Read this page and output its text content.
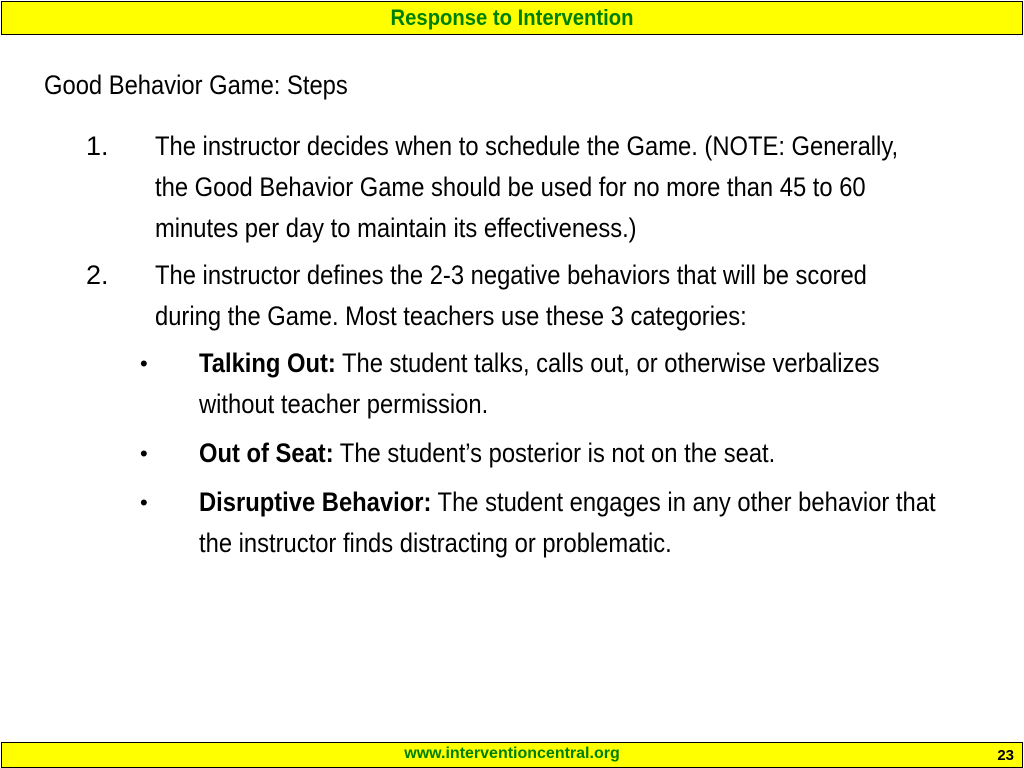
Response to Intervention
Good Behavior Game: Steps
1. The instructor decides when to schedule the Game. (NOTE: Generally, the Good Behavior Game should be used for no more than 45 to 60 minutes per day to maintain its effectiveness.)
2. The instructor defines the 2-3 negative behaviors that will be scored during the Game. Most teachers use these 3 categories:
• Talking Out: The student talks, calls out, or otherwise verbalizes without teacher permission.
• Out of Seat: The student’s posterior is not on the seat.
• Disruptive Behavior: The student engages in any other behavior that the instructor finds distracting or problematic.
www.interventioncentral.org	23
